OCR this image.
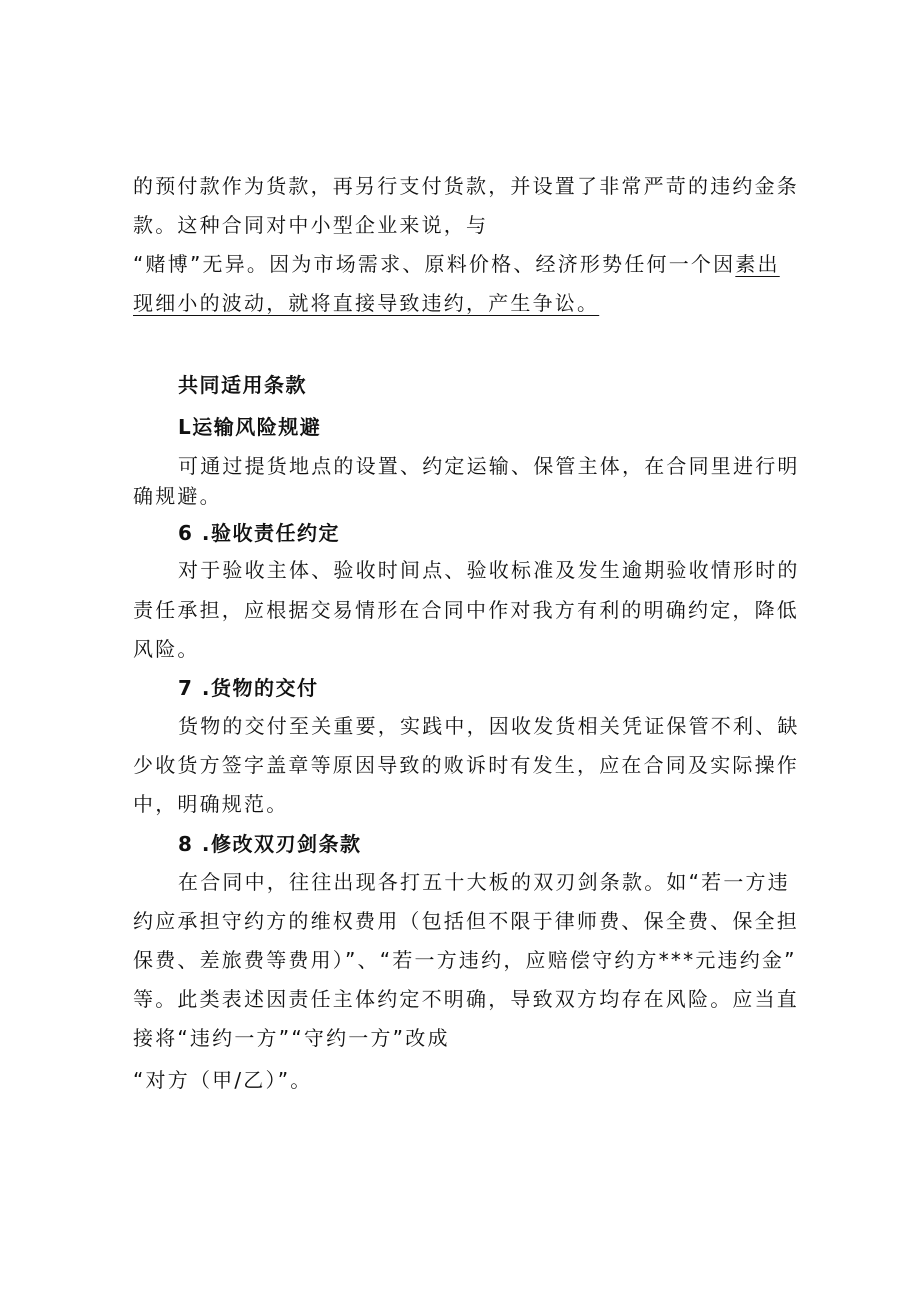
的预付款作为货款，再另行支付货款，并设置了非常严苛的违约金条
款。这种合同对中小型企业来说，与
“赌博”无异。因为市场需求、原料价格、经济形势任何一个因素出
现细小的波动，就将直接导致违约，产生争讼。
共同适用条款
L运输风险规避
可通过提货地点的设置、约定运输、保管主体，在合同里进行明
确规避。
6 .验收责任约定
对于验收主体、验收时间点、验收标准及发生逾期验收情形时的
责任承担，应根据交易情形在合同中作对我方有利的明确约定，降低
风险。
7 .货物的交付
货物的交付至关重要，实践中，因收发货相关凭证保管不利、缺
少收货方签字盖章等原因导致的败诉时有发生，应在合同及实际操作
中，明确规范。
8 .修改双刃剑条款
在合同中，往往出现各打五十大板的双刃剑条款。如“若一方违
约应承担守约方的维权费用（包括但不限于律师费、保全费、保全担
保费、差旅费等费用）”、“若一方违约，应赔偿守约方***元违约金”
等。此类表述因责任主体约定不明确，导致双方均存在风险。应当直
接将“违约一方”“守约一方”改成
“对方（甲/乙）”。
